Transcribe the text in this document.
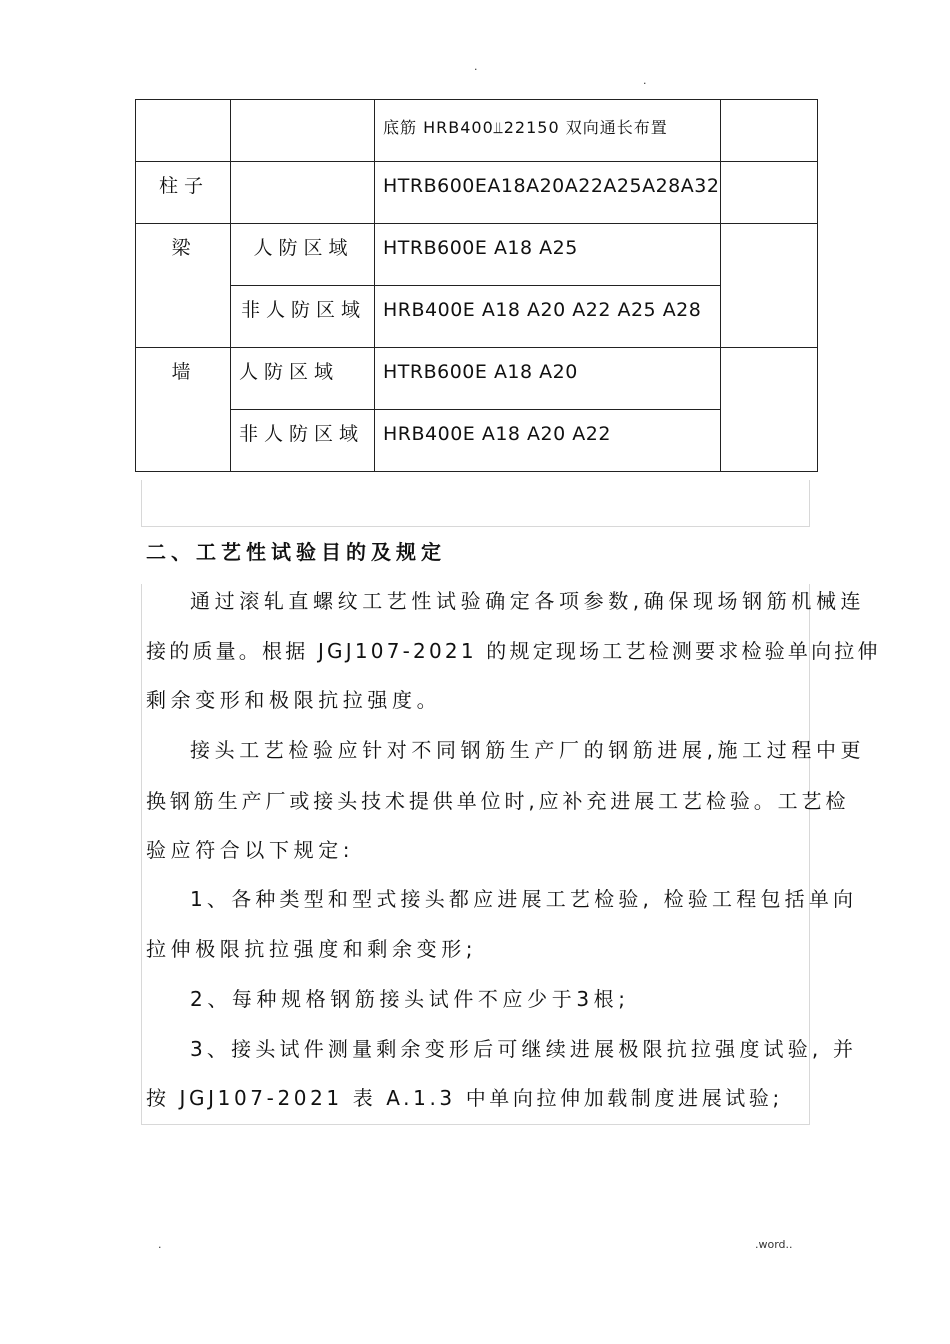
.
.
		底筋 HRB400⫫22150 双向通长布置	
柱子		HTRB600EA18A20A22A25A28A32	
梁	人防区域	HTRB600E A18 A25	
	非人防区域	HRB400E A18 A20 A22 A25 A28	
墙	人防区域	HTRB600E A18 A20	
	非人防区域	HRB400E A18 A20 A22	
二、工艺性试验目的及规定
通过滚轧直螺纹工艺性试验确定各项参数,确保现场钢筋机械连
接的质量。根据 JGJ107-2021 的规定现场工艺检测要求检验单向拉伸
剩余变形和极限抗拉强度。
接头工艺检验应针对不同钢筋生产厂的钢筋进展,施工过程中更
换钢筋生产厂或接头技术提供单位时,应补充进展工艺检验。工艺检
验应符合以下规定:
1、各种类型和型式接头都应进展工艺检验, 检验工程包括单向
拉伸极限抗拉强度和剩余变形;
2、每种规格钢筋接头试件不应少于3根;
3、接头试件测量剩余变形后可继续进展极限抗拉强度试验, 并
按 JGJ107-2021 表 A.1.3 中单向拉伸加载制度进展试验;
.	.word..
